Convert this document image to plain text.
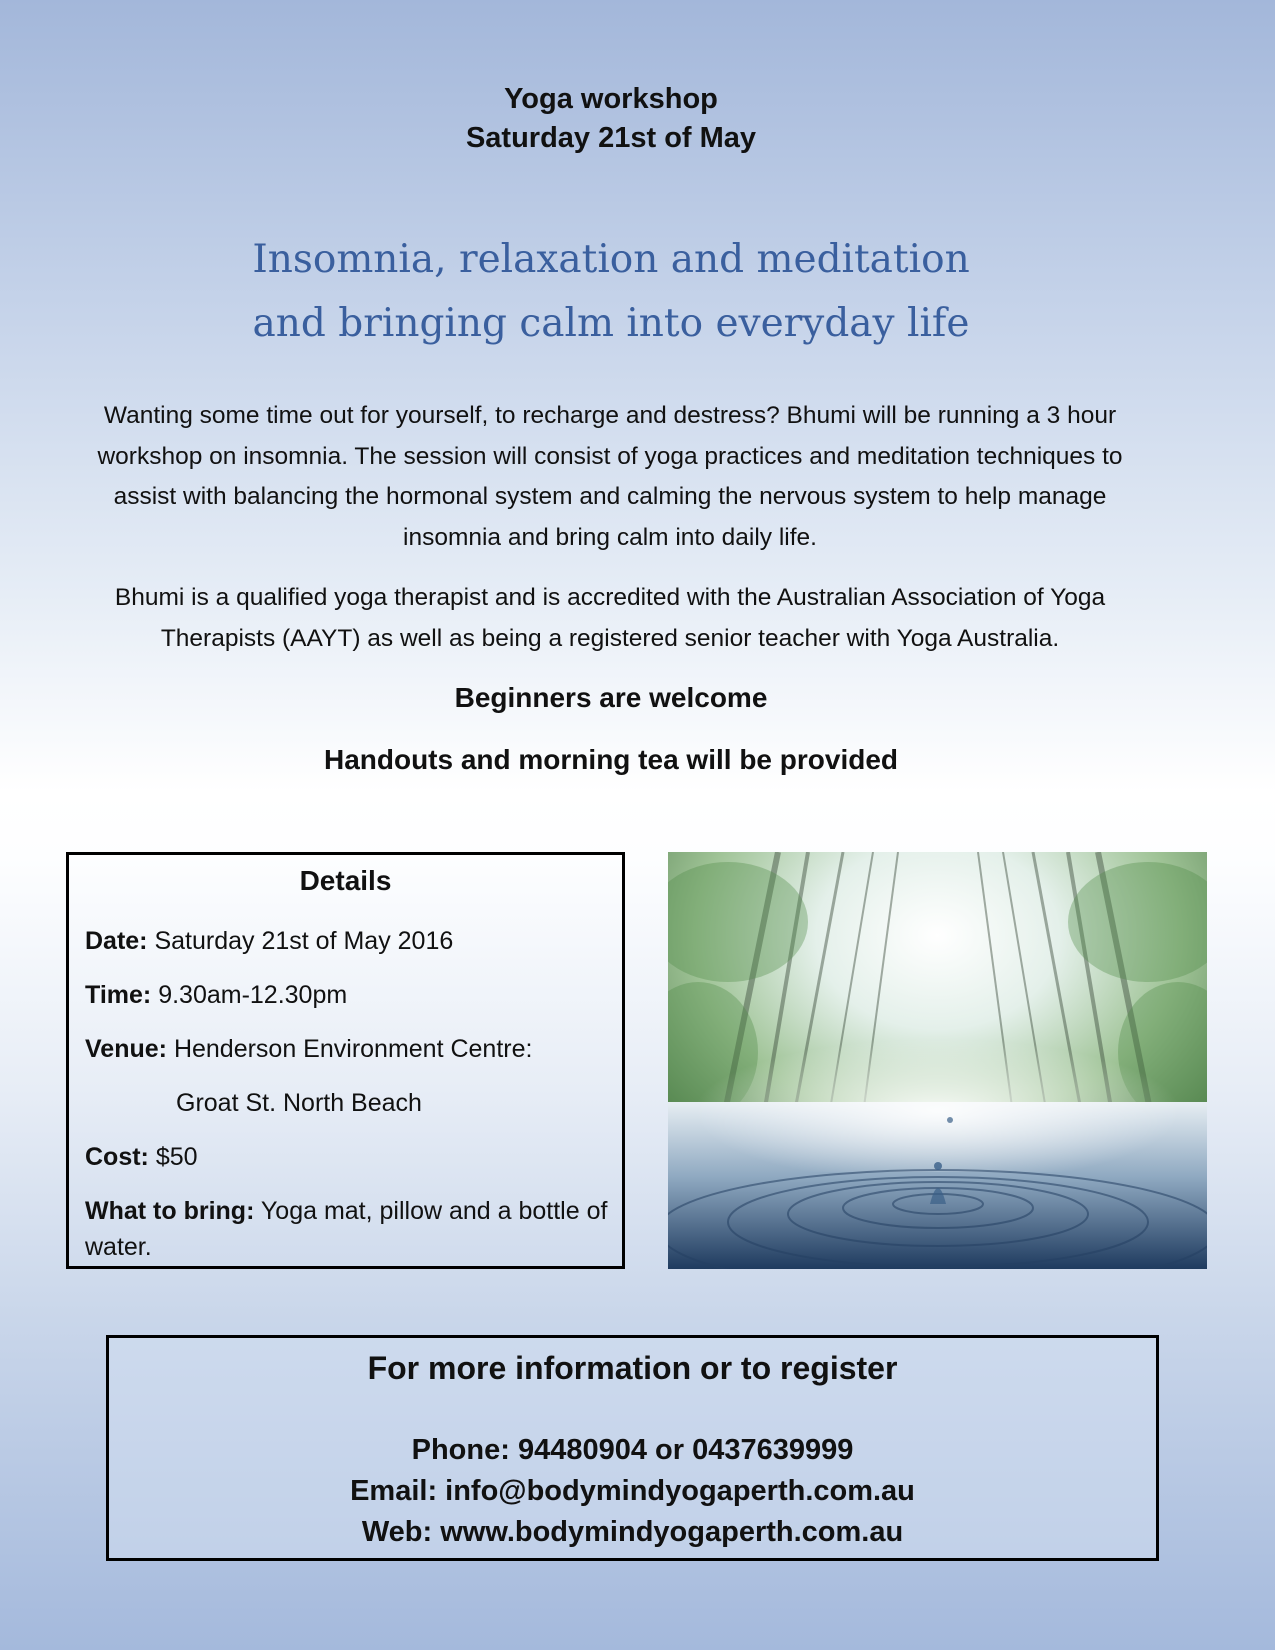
Yoga workshop
Saturday 21st of May
Insomnia, relaxation and meditation
and bringing calm into everyday life
Wanting some time out for yourself, to recharge and destress? Bhumi will be running a 3 hour workshop on insomnia. The session will consist of yoga practices and meditation techniques to assist with balancing the hormonal system and calming the nervous system to help manage insomnia and bring calm into daily life.
Bhumi is a qualified yoga therapist and is accredited with the Australian Association of Yoga Therapists (AAYT) as well as being a registered senior teacher with Yoga Australia.
Beginners are welcome
Handouts and morning tea will be provided
Details
Date: Saturday 21st of May 2016
Time: 9.30am-12.30pm
Venue: Henderson Environment Centre:
Groat St. North Beach
Cost: $50
What to bring: Yoga mat, pillow and a bottle of water.
For more information or to register
Phone: 94480904 or 0437639999
Email: info@bodymindyogaperth.com.au
Web: www.bodymindyogaperth.com.au
